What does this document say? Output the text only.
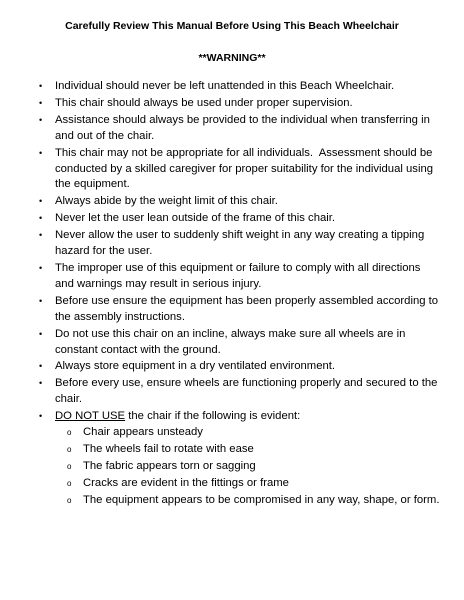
Carefully Review This Manual Before Using This Beach Wheelchair
**WARNING**
• Individual should never be left unattended in this Beach Wheelchair.
• This chair should always be used under proper supervision.
• Assistance should always be provided to the individual when transferring in and out of the chair.
• This chair may not be appropriate for all individuals.  Assessment should be conducted by a skilled caregiver for proper suitability for the individual using the equipment.
• Always abide by the weight limit of this chair.
• Never let the user lean outside of the frame of this chair.
• Never allow the user to suddenly shift weight in any way creating a tipping hazard for the user.
• The improper use of this equipment or failure to comply with all directions and warnings may result in serious injury.
• Before use ensure the equipment has been properly assembled according to the assembly instructions.
• Do not use this chair on an incline, always make sure all wheels are in constant contact with the ground.
• Always store equipment in a dry ventilated environment.
• Before every use, ensure wheels are functioning properly and secured to the chair.
• DO NOT USE the chair if the following is evident:
o Chair appears unsteady
o The wheels fail to rotate with ease
o The fabric appears torn or sagging
o Cracks are evident in the fittings or frame
o The equipment appears to be compromised in any way, shape, or form.
